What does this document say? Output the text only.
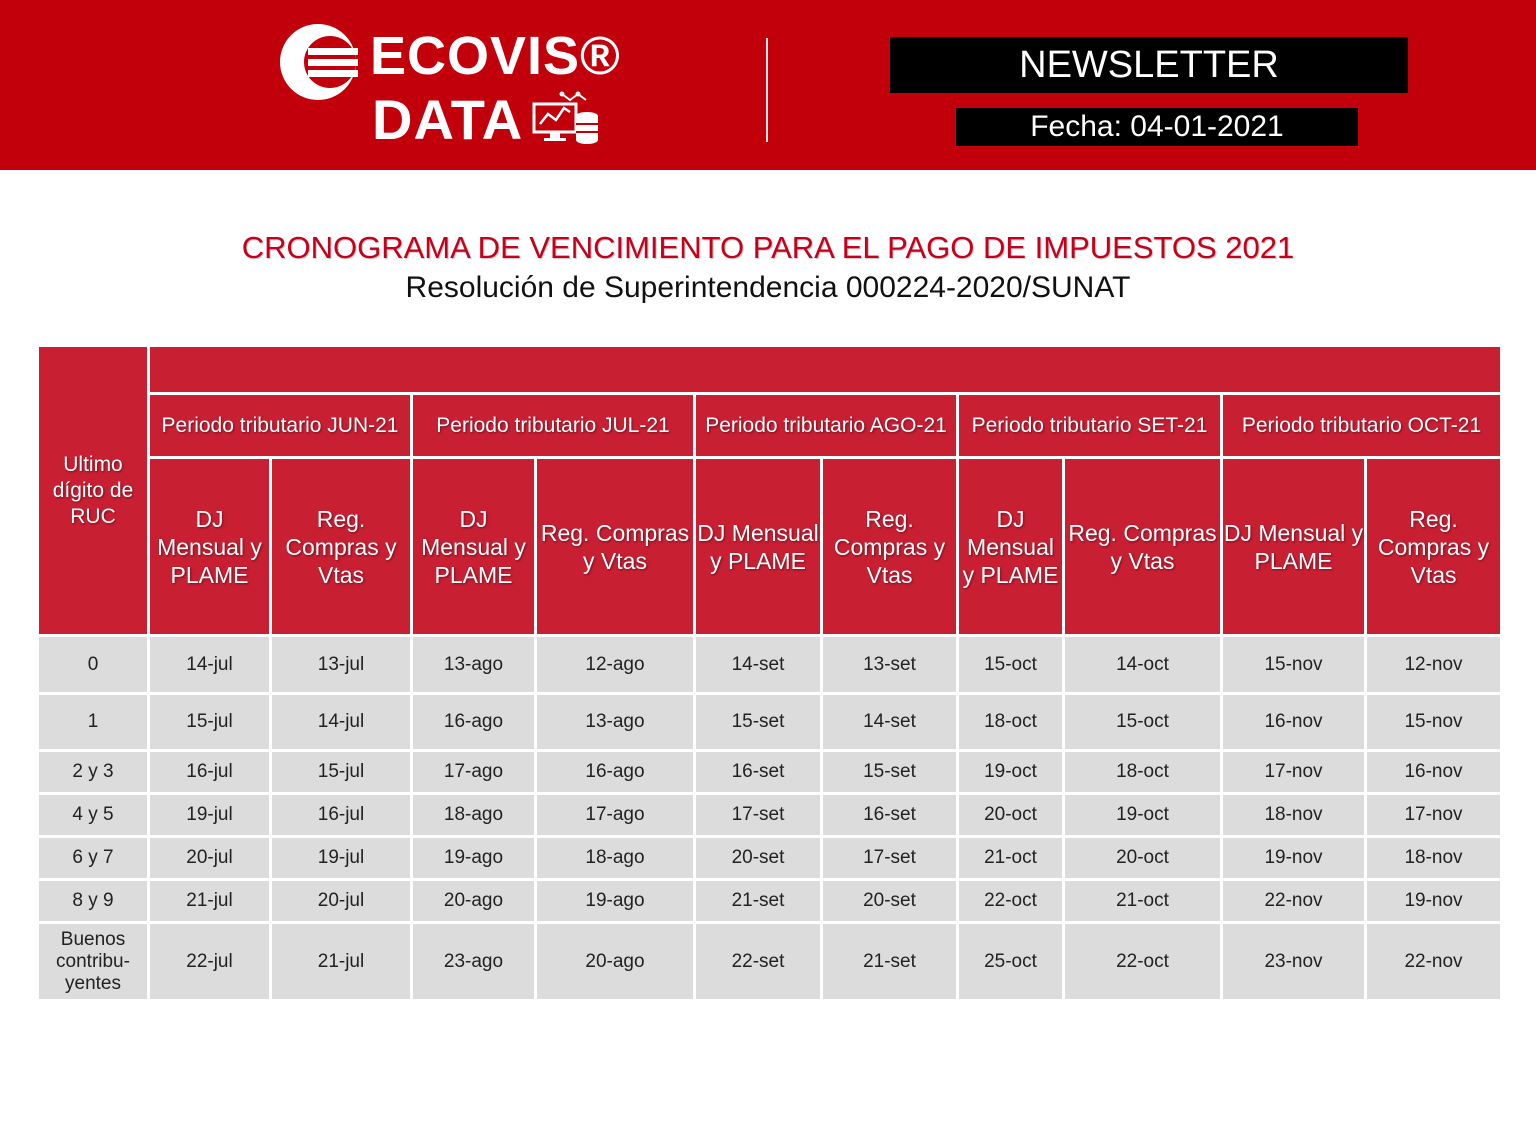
ECOVIS®
DATA
NEWSLETTER
Fecha: 04-01-2021
CRONOGRAMA DE VENCIMIENTO PARA EL PAGO DE IMPUESTOS 2021
Resolución de Superintendencia 000224-2020/SUNAT
Ultimo dígito de RUC										
	Periodo tributario JUN-21		Periodo tributario JUL-21		Periodo tributario AGO-21		Periodo tributario SET-21		Periodo tributario OCT-21	
	DJ Mensual y PLAME	Reg. Compras y Vtas	DJ Mensual y PLAME	Reg. Compras y Vtas	DJ Mensual y PLAME	Reg. Compras y Vtas	DJ Mensual y PLAME	Reg. Compras y Vtas	DJ Mensual y PLAME	Reg. Compras y Vtas
0	14-jul	13-jul	13-ago	12-ago	14-set	13-set	15-oct	14-oct	15-nov	12-nov
1	15-jul	14-jul	16-ago	13-ago	15-set	14-set	18-oct	15-oct	16-nov	15-nov
2 y 3	16-jul	15-jul	17-ago	16-ago	16-set	15-set	19-oct	18-oct	17-nov	16-nov
4 y 5	19-jul	16-jul	18-ago	17-ago	17-set	16-set	20-oct	19-oct	18-nov	17-nov
6 y 7	20-jul	19-jul	19-ago	18-ago	20-set	17-set	21-oct	20-oct	19-nov	18-nov
8 y 9	21-jul	20-jul	20-ago	19-ago	21-set	20-set	22-oct	21-oct	22-nov	19-nov
Buenos contribu- yentes	22-jul	21-jul	23-ago	20-ago	22-set	21-set	25-oct	22-oct	23-nov	22-nov
